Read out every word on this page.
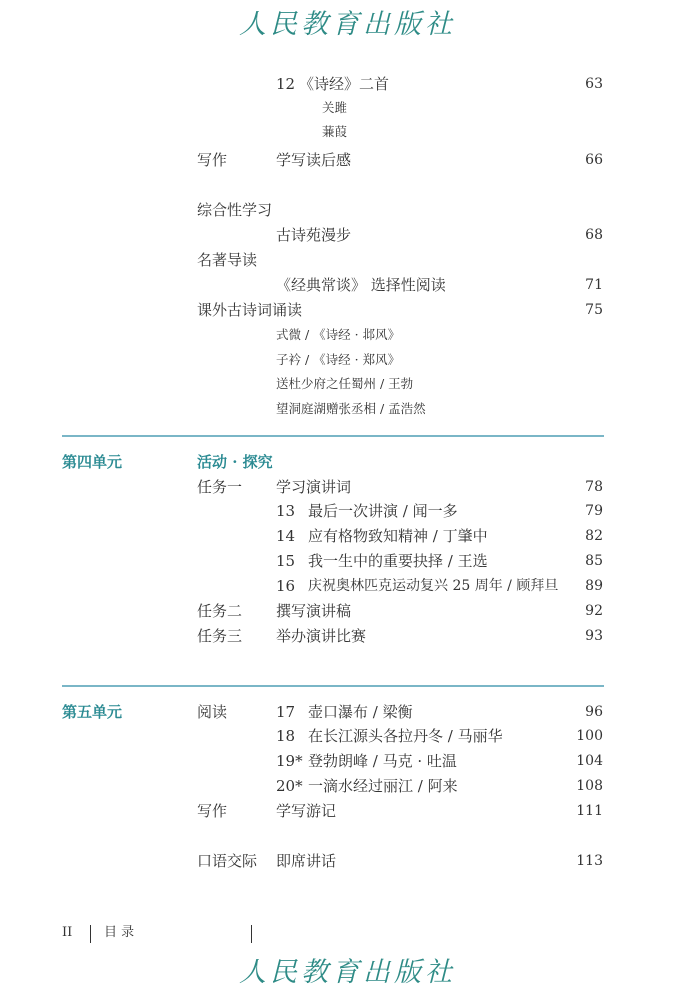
人民教育出版社
12 《诗经》二首	63
关雎
蒹葭
写作	学写读后感	66
综合性学习
古诗苑漫步	68
名著导读
《经典常谈》 选择性阅读	71
课外古诗词诵读	75
式微 / 《诗经 · 邶风》
子衿 / 《诗经 · 郑风》
送杜少府之任蜀州 / 王勃
望洞庭湖赠张丞相 / 孟浩然
第四单元	活动 · 探究
任务一 学习演讲词	78
13 最后一次讲演 / 闻一多	79
14 应有格物致知精神 / 丁肇中	82
15 我一生中的重要抉择 / 王选	85
16 庆祝奥林匹克运动复兴 25 周年 / 顾拜旦 89
任务二 撰写演讲稿	92
任务三 举办演讲比赛	93
第五单元	阅读	17 壶口瀑布 / 梁衡	96
18 在长江源头各拉丹冬 / 马丽华	100
19* 登勃朗峰 / 马克 · 吐温	104
20* 一滴水经过丽江 / 阿来	108
写作	学写游记	111
口语交际 即席讲话	113
II 目 录
人民教育出版社
